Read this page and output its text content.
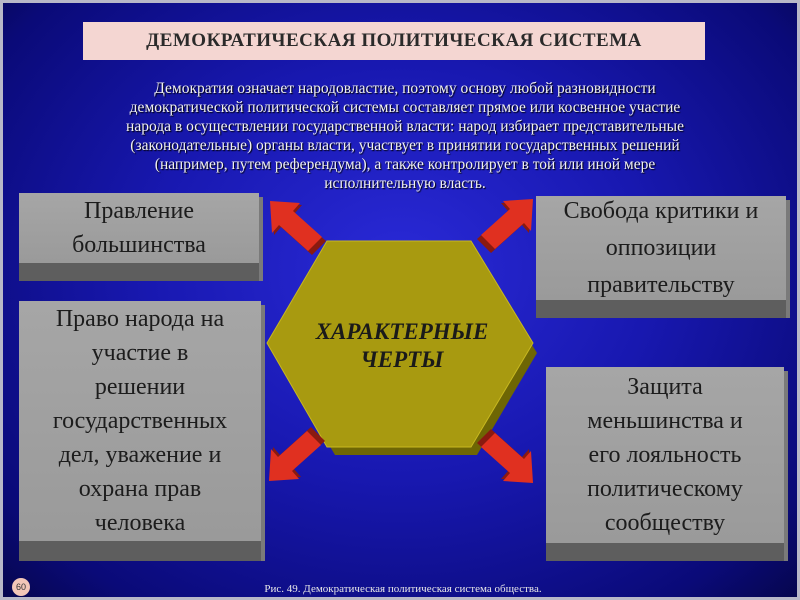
ДЕМОКРАТИЧЕСКАЯ ПОЛИТИЧЕСКАЯ СИСТЕМА
Демократия означает народовластие, поэтому основу любой разновидности
демократической политической системы составляет прямое или косвенное участие
народа в осуществлении государственной власти: народ избирает представительные
(законодательные) органы власти, участвует в принятии государственных решений
(например, путем референдума), а также контролирует в той или иной мере
исполнительную власть.
Правление
большинства
Свобода критики и
оппозиции
правительству
Право народа на
участие в
решении
государственных
дел, уважение и
охрана прав
человека
Защита
меньшинства и
его лояльность
политическому
сообществу
ХАРАКТЕРНЫЕ
ЧЕРТЫ
Рис. 49. Демократическая политическая система общества.
60
